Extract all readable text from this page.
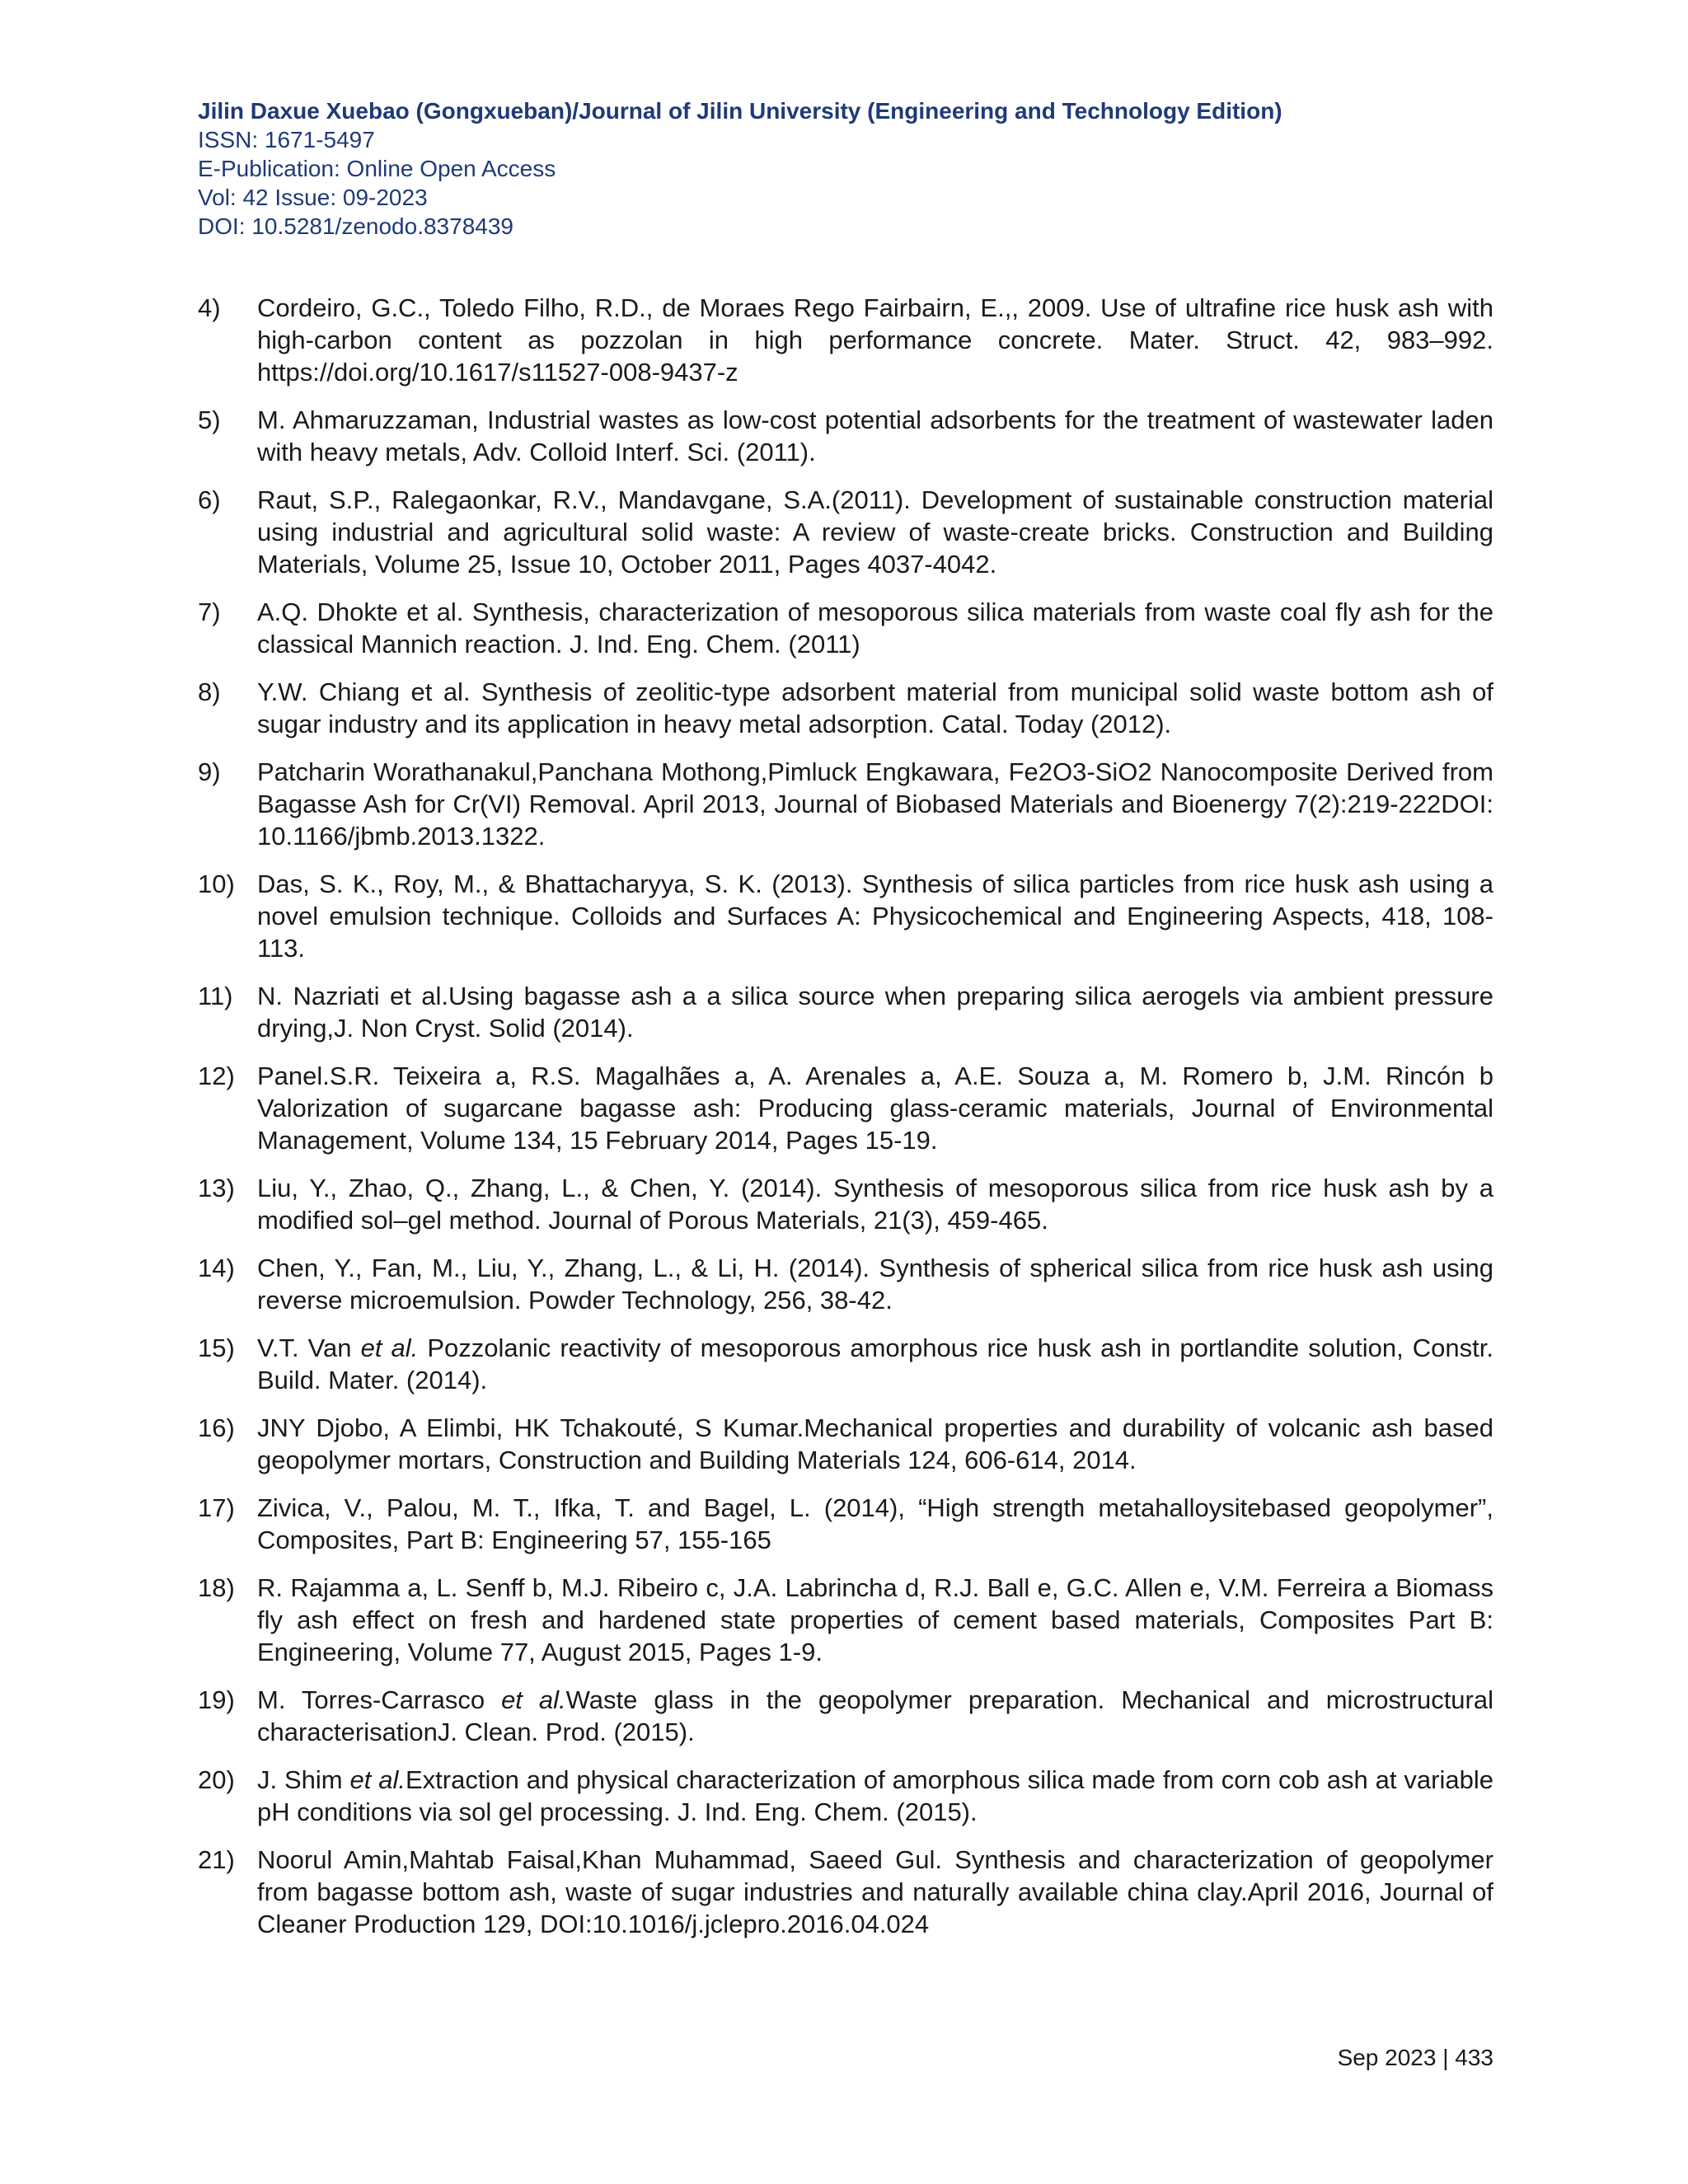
Jilin Daxue Xuebao (Gongxueban)/Journal of Jilin University (Engineering and Technology Edition)
ISSN: 1671-5497
E-Publication: Online Open Access
Vol: 42 Issue: 09-2023
DOI: 10.5281/zenodo.8378439
4)	Cordeiro, G.C., Toledo Filho, R.D., de Moraes Rego Fairbairn, E.,, 2009. Use of ultrafine rice husk ash with high-carbon content as pozzolan in high performance concrete. Mater. Struct. 42, 983–992. https://doi.org/10.1617/s11527-008-9437-z
5)	M. Ahmaruzzaman, Industrial wastes as low-cost potential adsorbents for the treatment of wastewater laden with heavy metals, Adv. Colloid Interf. Sci. (2011).
6)	Raut, S.P., Ralegaonkar, R.V., Mandavgane, S.A.(2011). Development of sustainable construction material using industrial and agricultural solid waste: A review of waste-create bricks. Construction and Building Materials, Volume 25, Issue 10, October 2011, Pages 4037-4042.
7)	A.Q. Dhokte et al. Synthesis, characterization of mesoporous silica materials from waste coal fly ash for the classical Mannich reaction. J. Ind. Eng. Chem. (2011)
8)	Y.W. Chiang et al. Synthesis of zeolitic-type adsorbent material from municipal solid waste bottom ash of sugar industry and its application in heavy metal adsorption. Catal. Today (2012).
9)	Patcharin Worathanakul,Panchana Mothong,Pimluck Engkawara, Fe2O3-SiO2 Nanocomposite Derived from Bagasse Ash for Cr(VI) Removal. April 2013, Journal of Biobased Materials and Bioenergy 7(2):219-222DOI: 10.1166/jbmb.2013.1322.
10) Das, S. K., Roy, M., & Bhattacharyya, S. K. (2013). Synthesis of silica particles from rice husk ash using a novel emulsion technique. Colloids and Surfaces A: Physicochemical and Engineering Aspects, 418, 108-113.
11) N. Nazriati et al.Using bagasse ash a a silica source when preparing silica aerogels via ambient pressure drying,J. Non Cryst. Solid (2014).
12) Panel.S.R. Teixeira a, R.S. Magalhães a, A. Arenales a, A.E. Souza a, M. Romero b, J.M. Rincón b Valorization of sugarcane bagasse ash: Producing glass-ceramic materials, Journal of Environmental Management, Volume 134, 15 February 2014, Pages 15-19.
13) Liu, Y., Zhao, Q., Zhang, L., & Chen, Y. (2014). Synthesis of mesoporous silica from rice husk ash by a modified sol–gel method. Journal of Porous Materials, 21(3), 459-465.
14) Chen, Y., Fan, M., Liu, Y., Zhang, L., & Li, H. (2014). Synthesis of spherical silica from rice husk ash using reverse microemulsion. Powder Technology, 256, 38-42.
15) V.T. Van et al. Pozzolanic reactivity of mesoporous amorphous rice husk ash in portlandite solution, Constr. Build. Mater. (2014).
16) JNY Djobo, A Elimbi, HK Tchakouté, S Kumar.Mechanical properties and durability of volcanic ash based geopolymer mortars, Construction and Building Materials 124, 606-614, 2014.
17) Zivica, V., Palou, M. T., Ifka, T. and Bagel, L. (2014), “High strength metahalloysitebased geopolymer”, Composites, Part B: Engineering 57, 155-165
18) R. Rajamma a, L. Senff b, M.J. Ribeiro c, J.A. Labrincha d, R.J. Ball e, G.C. Allen e, V.M. Ferreira a Biomass fly ash effect on fresh and hardened state properties of cement based materials, Composites Part B: Engineering, Volume 77, August 2015, Pages 1-9.
19) M. Torres-Carrasco et al.Waste glass in the geopolymer preparation. Mechanical and microstructural characterisationJ. Clean. Prod. (2015).
20) J. Shim et al.Extraction and physical characterization of amorphous silica made from corn cob ash at variable pH conditions via sol gel processing. J. Ind. Eng. Chem. (2015).
21) Noorul Amin,Mahtab Faisal,Khan Muhammad, Saeed Gul. Synthesis and characterization of geopolymer from bagasse bottom ash, waste of sugar industries and naturally available china clay.April 2016, Journal of Cleaner Production 129, DOI:10.1016/j.jclepro.2016.04.024
Sep 2023 | 433
